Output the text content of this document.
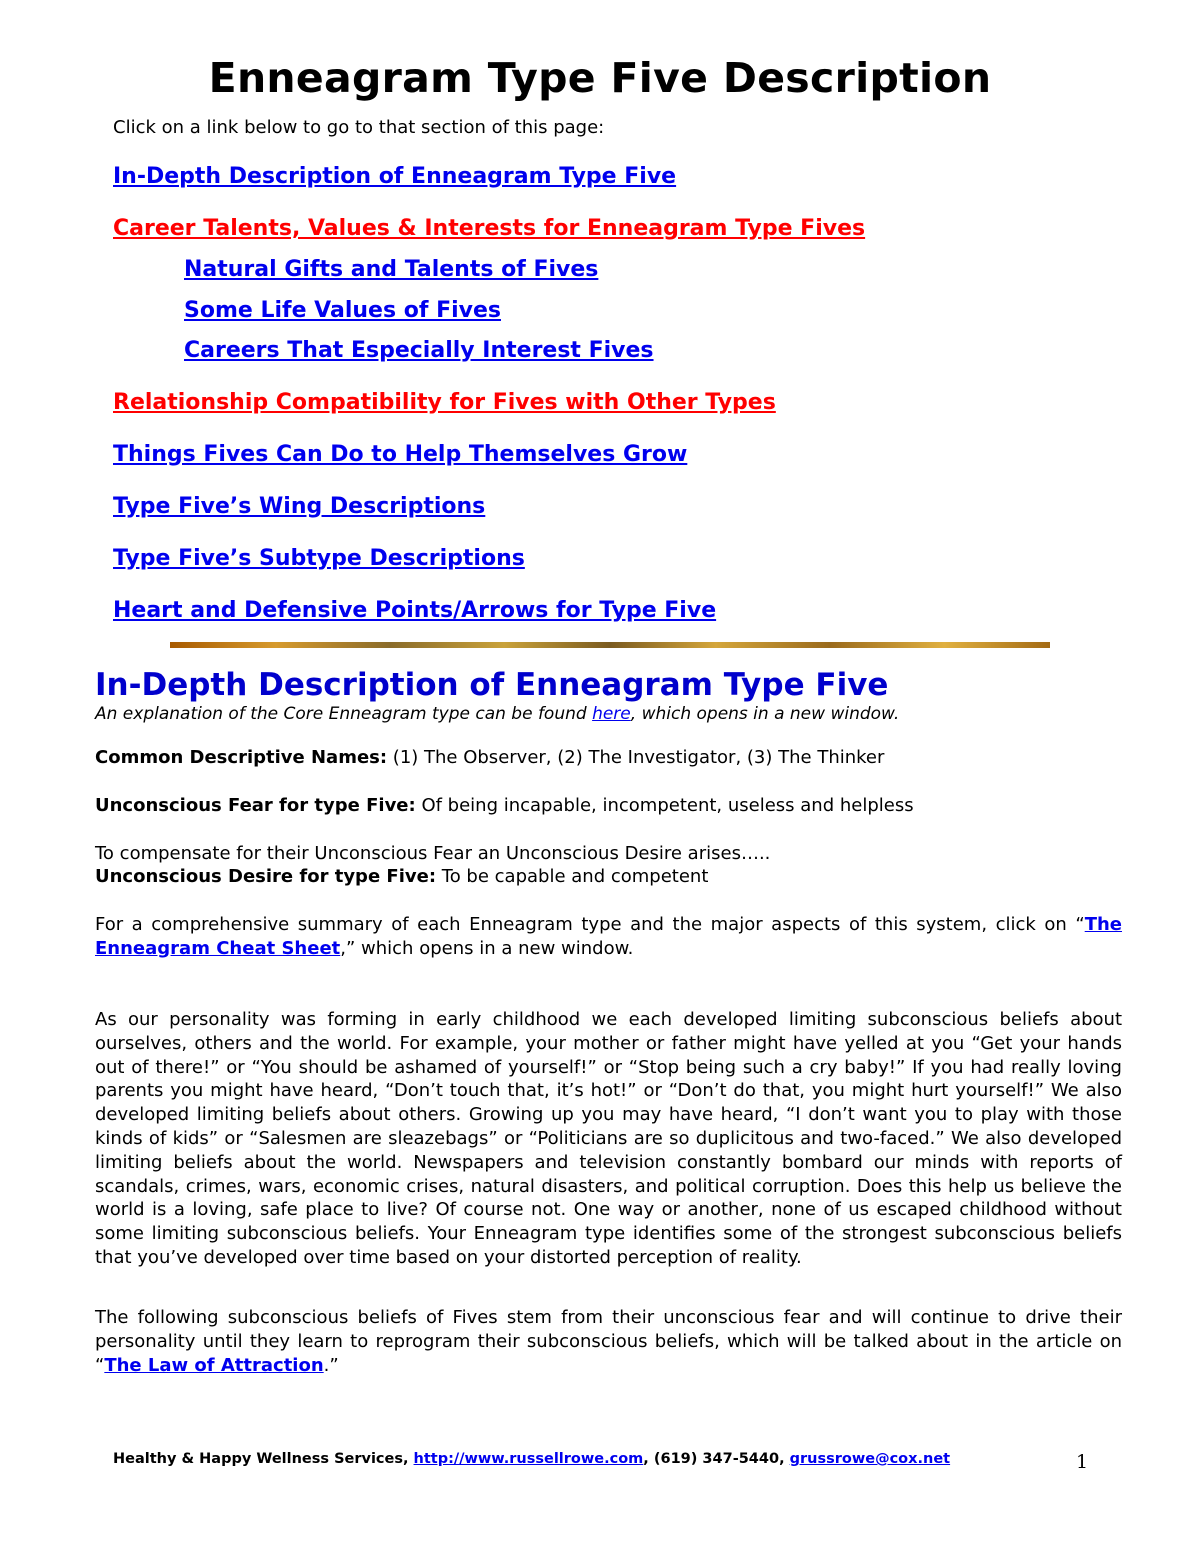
Enneagram Type Five Description
Click on a link below to go to that section of this page:
In-Depth Description of Enneagram Type Five
Career Talents, Values & Interests for Enneagram Type Fives
Natural Gifts and Talents of Fives
Some Life Values of Fives
Careers That Especially Interest Fives
Relationship Compatibility for Fives with Other Types
Things Fives Can Do to Help Themselves Grow
Type Five’s Wing Descriptions
Type Five’s Subtype Descriptions
Heart and Defensive Points/Arrows for Type Five
In-Depth Description of Enneagram Type Five
An explanation of the Core Enneagram type can be found here, which opens in a new window.
Common Descriptive Names: (1) The Observer, (2) The Investigator, (3) The Thinker
Unconscious Fear for type Five: Of being incapable, incompetent, useless and helpless
To compensate for their Unconscious Fear an Unconscious Desire arises…..
Unconscious Desire for type Five: To be capable and competent

For a comprehensive summary of each Enneagram type and the major aspects of this system, click on “The Enneagram Cheat Sheet,” which opens in a new window.

As our personality was forming in early childhood we each developed limiting subconscious beliefs about ourselves, others and the world. For example, your mother or father might have yelled at you “Get your hands out of there!” or “You should be ashamed of yourself!” or “Stop being such a cry baby!” If you had really loving parents you might have heard, “Don’t touch that, it’s hot!” or “Don’t do that, you might hurt yourself!” We also developed limiting beliefs about others. Growing up you may have heard, “I don’t want you to play with those kinds of kids” or “Salesmen are sleazebags” or “Politicians are so duplicitous and two-faced.” We also developed limiting beliefs about the world. Newspapers and television constantly bombard our minds with reports of scandals, crimes, wars, economic crises, natural disasters, and political corruption. Does this help us believe the world is a loving, safe place to live? Of course not. One way or another, none of us escaped childhood without some limiting subconscious beliefs. Your Enneagram type identifies some of the strongest subconscious beliefs that you’ve developed over time based on your distorted perception of reality.

The following subconscious beliefs of Fives stem from their unconscious fear and will continue to drive their personality until they learn to reprogram their subconscious beliefs, which will be talked about in the article on “The Law of Attraction.”

Healthy & Happy Wellness Services, http://www.russellrowe.com, (619) 347-5440, grussrowe@cox.net	1
